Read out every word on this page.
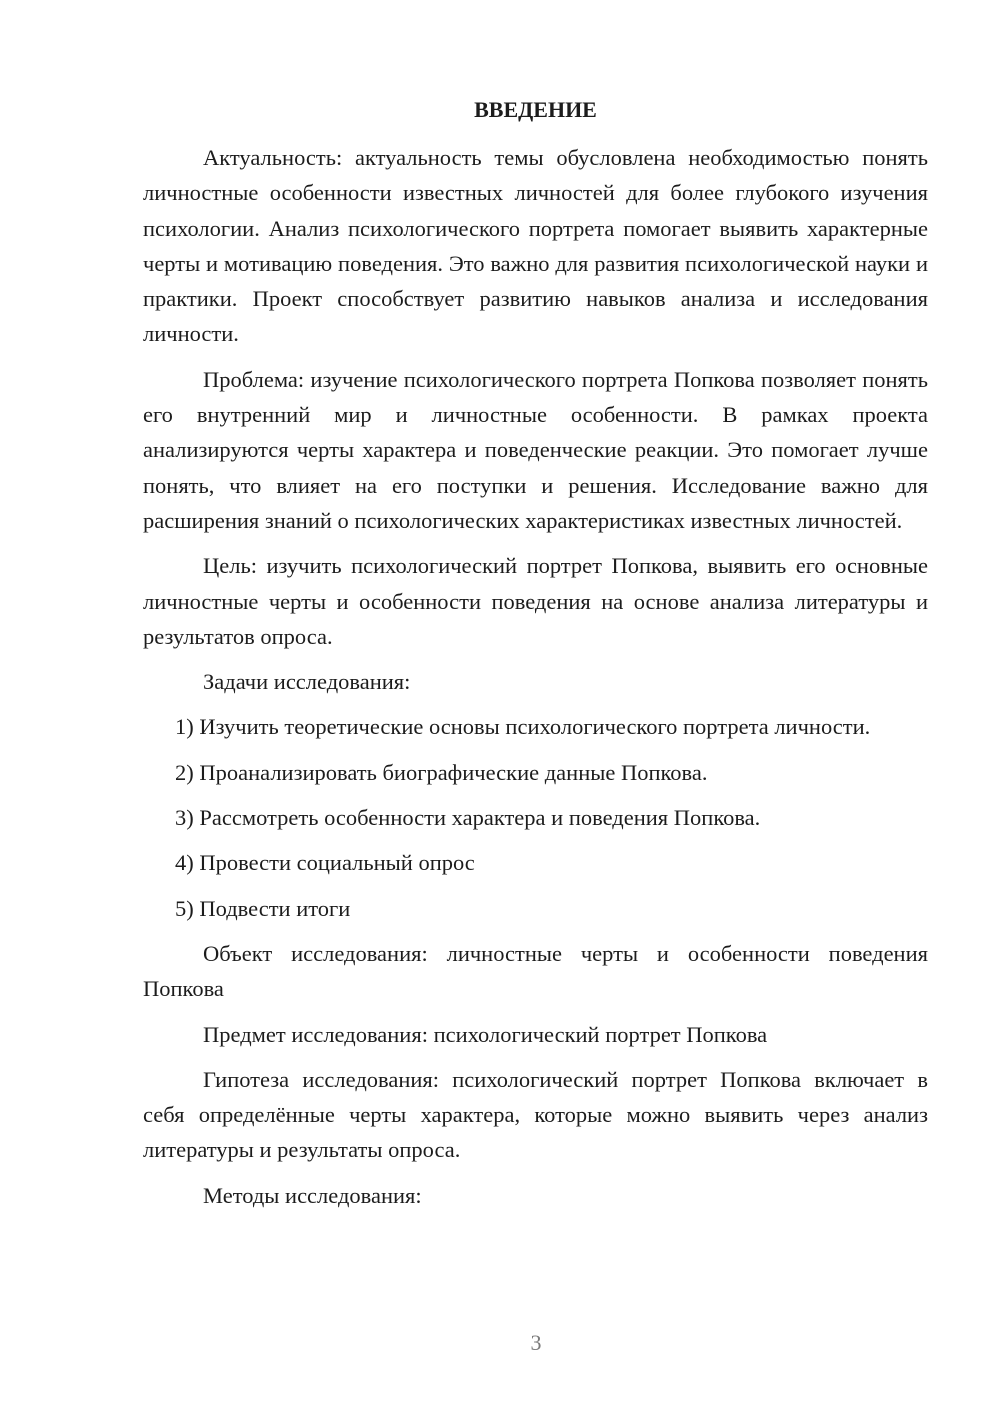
ВВЕДЕНИЕ

Актуальность: актуальность темы обусловлена необходимостью понять личностные особенности известных личностей для более глубокого изучения психологии. Анализ психологического портрета помогает выявить характерные черты и мотивацию поведения. Это важно для развития психологической науки и практики. Проект способствует развитию навыков анализа и исследования личности.

Проблема: изучение психологического портрета Попкова позволяет понять его внутренний мир и личностные особенности. В рамках проекта анализируются черты характера и поведенческие реакции. Это помогает лучше понять, что влияет на его поступки и решения. Исследование важно для расширения знаний о психологических характеристиках известных личностей.

Цель: изучить психологический портрет Попкова, выявить его основные личностные черты и особенности поведения на основе анализа литературы и результатов опроса.

Задачи исследования:

1) Изучить теоретические основы психологического портрета личности.

2) Проанализировать биографические данные Попкова.

3) Рассмотреть особенности характера и поведения Попкова.

4) Провести социальный опрос

5) Подвести итоги

Объект исследования: личностные черты и особенности поведения Попкова

Предмет исследования: психологический портрет Попкова

Гипотеза исследования: психологический портрет Попкова включает в себя определённые черты характера, которые можно выявить через анализ литературы и результаты опроса.

Методы исследования:

3
